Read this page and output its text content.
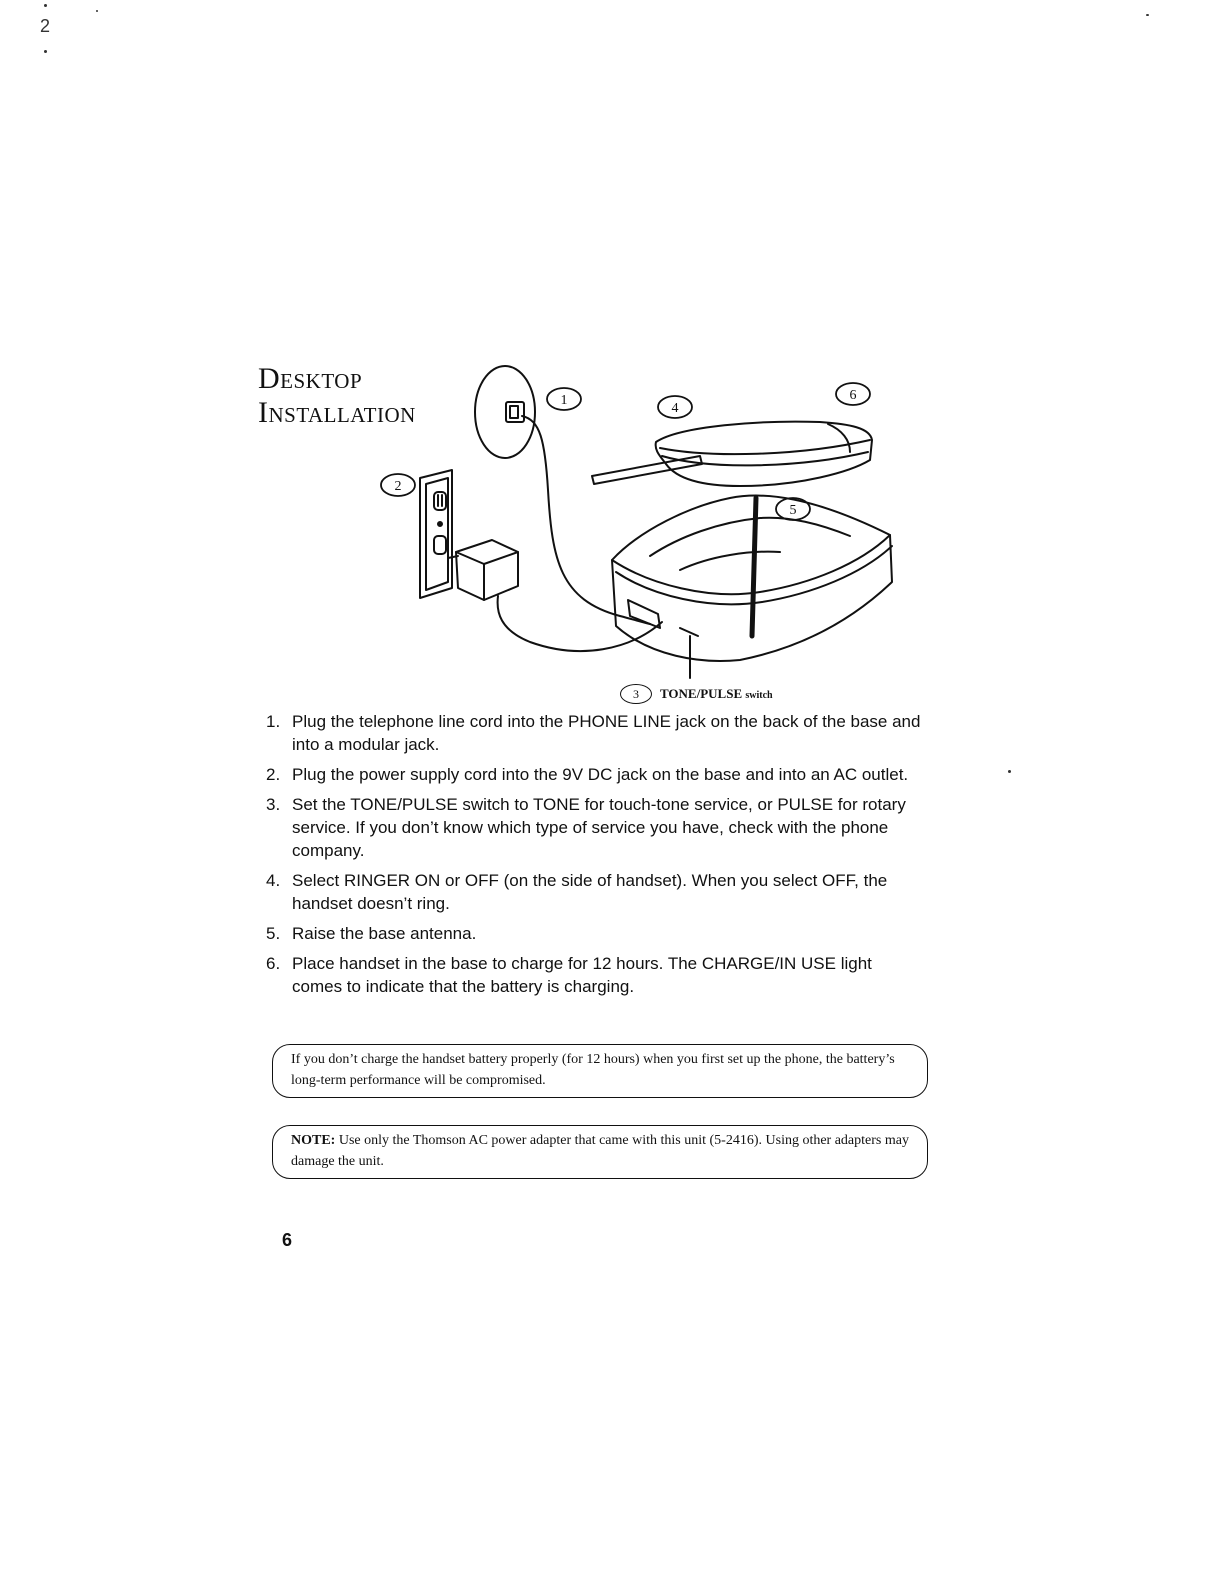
2
Desktop
Installation	1
2
4
5
6
3	TONE/PULSE switch
1. Plug the telephone line cord into the PHONE LINE jack on the back of the base and into a modular jack.
2. Plug the power supply cord into the 9V DC jack on the base and into an AC outlet.
3. Set the TONE/PULSE switch to TONE for touch-tone service, or PULSE for rotary service. If you don’t know which type of service you have, check with the phone company.
4. Select RINGER ON or OFF (on the side of handset). When you select OFF, the handset doesn’t ring.
5. Raise the base antenna.
6. Place handset in the base to charge for 12 hours. The CHARGE/IN USE light comes to indicate that the battery is charging.
If you don’t charge the handset battery properly (for 12 hours) when you first set up the phone, the battery’s long-term performance will be compromised.
NOTE: Use only the Thomson AC power adapter that came with this unit (5-2416). Using other adapters may damage the unit.
6
